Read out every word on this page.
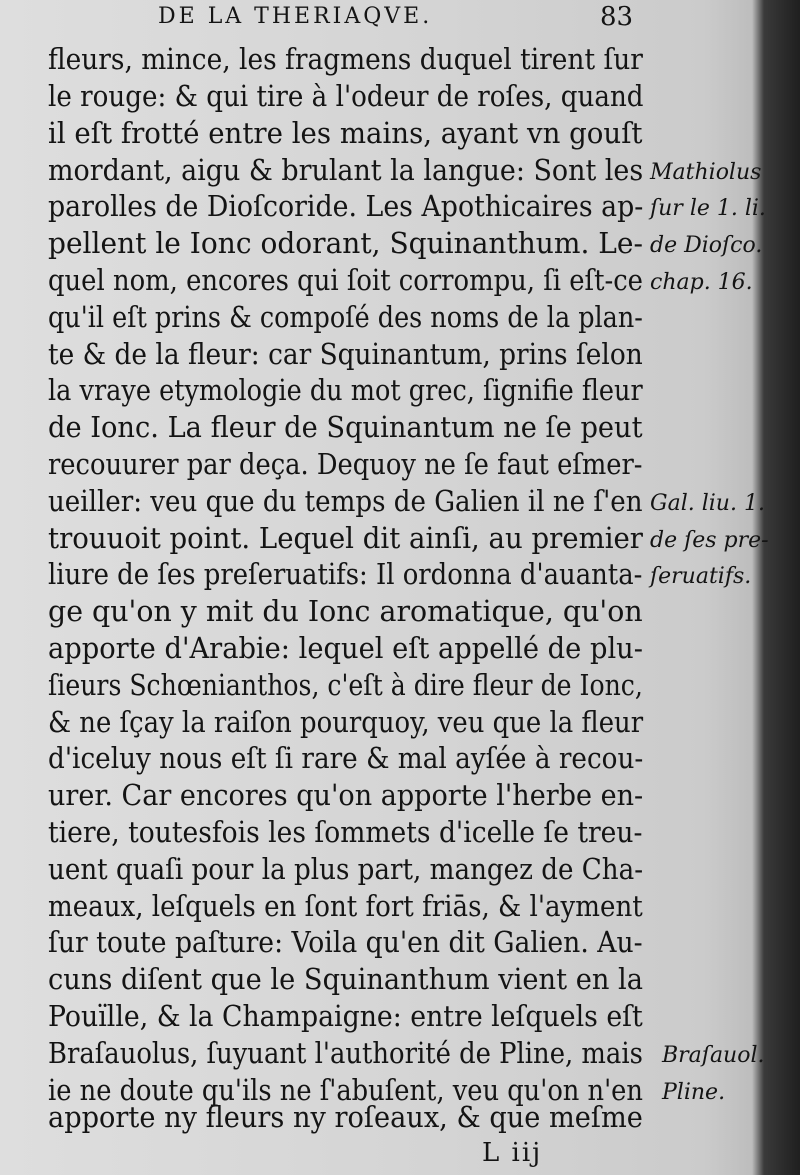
DE LA THERIAQVE.	83
fleurs, mince, les fragmens duquel tirent ſur
le rouge: & qui tire à l'odeur de roſes, quand
il eſt frotté entre les mains, ayant vn gouſt
mordant, aigu & brulant la langue: Sont les
parolles de Dioſcoride. Les Apothicaires ap-
pellent le Ionc odorant, Squinanthum. Le-
quel nom, encores qui ſoit corrompu, ſi eſt-ce
qu'il eſt prins & compoſé des noms de la plan-
te & de la fleur: car Squinantum, prins ſelon
la vraye etymologie du mot grec, ſignifie fleur
de Ionc. La fleur de Squinantum ne ſe peut
recouurer par deça. Dequoy ne ſe faut eſmer-
ueiller: veu que du temps de Galien il ne ſ'en
trouuoit point. Lequel dit ainſi, au premier
liure de ſes preſeruatifs: Il ordonna d'auanta-
ge qu'on y mit du Ionc aromatique, qu'on
apporte d'Arabie: lequel eſt appellé de plu-
ſieurs Schœnianthos, c'eſt à dire fleur de Ionc,
& ne ſçay la raiſon pourquoy, veu que la fleur
d'iceluy nous eſt ſi rare & mal ayſée à recou-
urer. Car encores qu'on apporte l'herbe en-
tiere, toutesfois les ſommets d'icelle ſe treu-
uent quaſi pour la plus part, mangez de Cha-
meaux, leſquels en ſont fort friās, & l'ayment
ſur toute paſture: Voila qu'en dit Galien. Au-
cuns diſent que le Squinanthum vient en la
Pouïlle, & la Champaigne: entre leſquels eſt
Braſauolus, ſuyuant l'authorité de Pline, mais
ie ne doute qu'ils ne ſ'abuſent, veu qu'on n'en
apporte ny fleurs ny roſeaux, & que meſme
Mathiolus
ſur le 1. li.
de Dioſco.
chap. 16.
Gal. liu. 1.
de ſes pre-
ſeruatifs.
Braſauol.
Pline.
L iij
